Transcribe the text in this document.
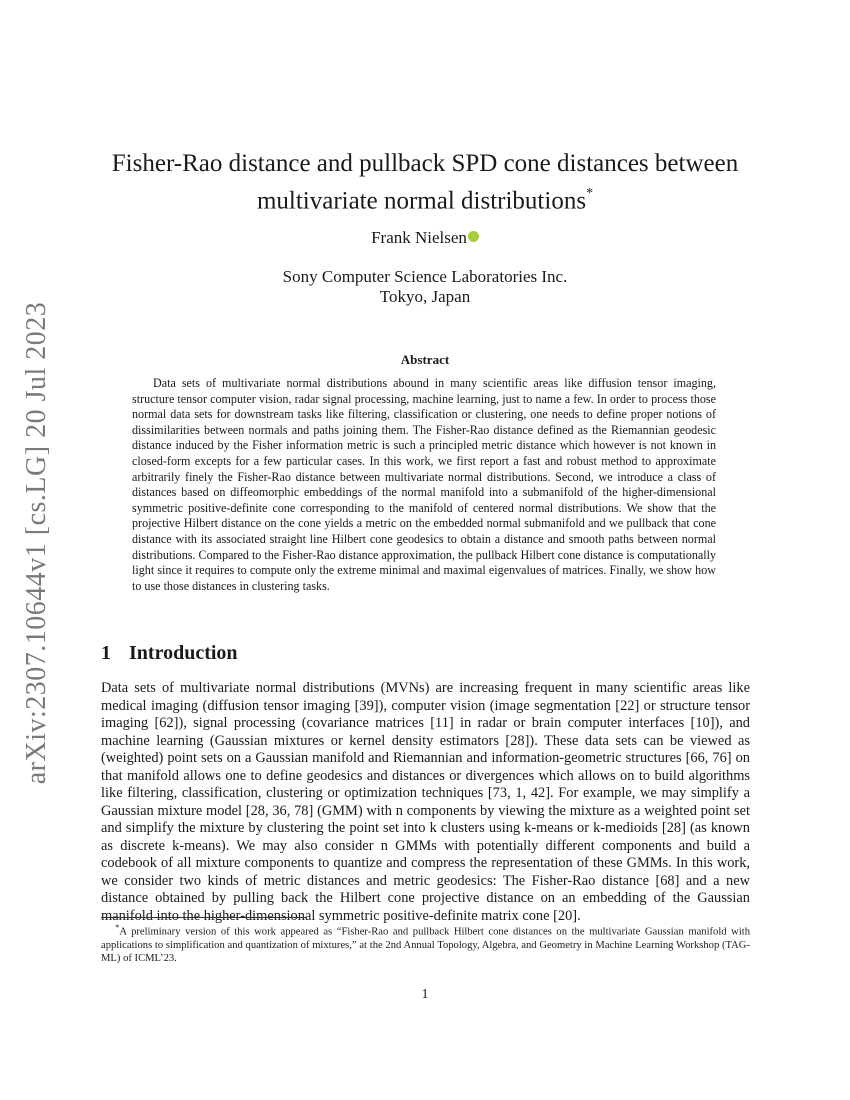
arXiv:2307.10644v1 [cs.LG] 20 Jul 2023
Fisher-Rao distance and pullback SPD cone distances between
multivariate normal distributions*
Frank Nielsen
Sony Computer Science Laboratories Inc.
Tokyo, Japan
Abstract

Data sets of multivariate normal distributions abound in many scientific areas like diffusion tensor imaging, structure tensor computer vision, radar signal processing, machine learning, just to name a few. In order to process those normal data sets for downstream tasks like filtering, classification or clustering, one needs to define proper notions of dissimilarities between normals and paths joining them. The Fisher-Rao distance defined as the Riemannian geodesic distance induced by the Fisher information metric is such a principled metric distance which however is not known in closed-form excepts for a few particular cases. In this work, we first report a fast and robust method to approximate arbitrarily finely the Fisher-Rao distance between multivariate normal distributions. Second, we introduce a class of distances based on diffeomorphic embeddings of the normal manifold into a submanifold of the higher-dimensional symmetric positive-definite cone corresponding to the manifold of centered normal distributions. We show that the projective Hilbert distance on the cone yields a metric on the embedded normal submanifold and we pullback that cone distance with its associated straight line Hilbert cone geodesics to obtain a distance and smooth paths between normal distributions. Compared to the Fisher-Rao distance approximation, the pullback Hilbert cone distance is computationally light since it requires to compute only the extreme minimal and maximal eigenvalues of matrices. Finally, we show how to use those distances in clustering tasks.

1 Introduction

Data sets of multivariate normal distributions (MVNs) are increasing frequent in many scientific areas like medical imaging (diffusion tensor imaging [39]), computer vision (image segmentation [22] or structure tensor imaging [62]), signal processing (covariance matrices [11] in radar or brain computer interfaces [10]), and machine learning (Gaussian mixtures or kernel density estimators [28]). These data sets can be viewed as (weighted) point sets on a Gaussian manifold and Riemannian and information-geometric structures [66, 76] on that manifold allows one to define geodesics and distances or divergences which allows on to build algorithms like filtering, classification, clustering or optimization techniques [73, 1, 42]. For example, we may simplify a Gaussian mixture model [28, 36, 78] (GMM) with n components by viewing the mixture as a weighted point set and simplify the mixture by clustering the point set into k clusters using k-means or k-medioids [28] (as known as discrete k-means). We may also consider n GMMs with potentially different components and build a codebook of all mixture components to quantize and compress the representation of these GMMs. In this work, we consider two kinds of metric distances and metric geodesics: The Fisher-Rao distance [68] and a new distance obtained by pulling back the Hilbert cone projective distance on an embedding of the Gaussian manifold into the higher-dimensional symmetric positive-definite matrix cone [20].

*A preliminary version of this work appeared as “Fisher-Rao and pullback Hilbert cone distances on the multivariate Gaussian manifold with applications to simplification and quantization of mixtures,” at the 2nd Annual Topology, Algebra, and Geometry in Machine Learning Workshop (TAG-ML) of ICML’23.

1
